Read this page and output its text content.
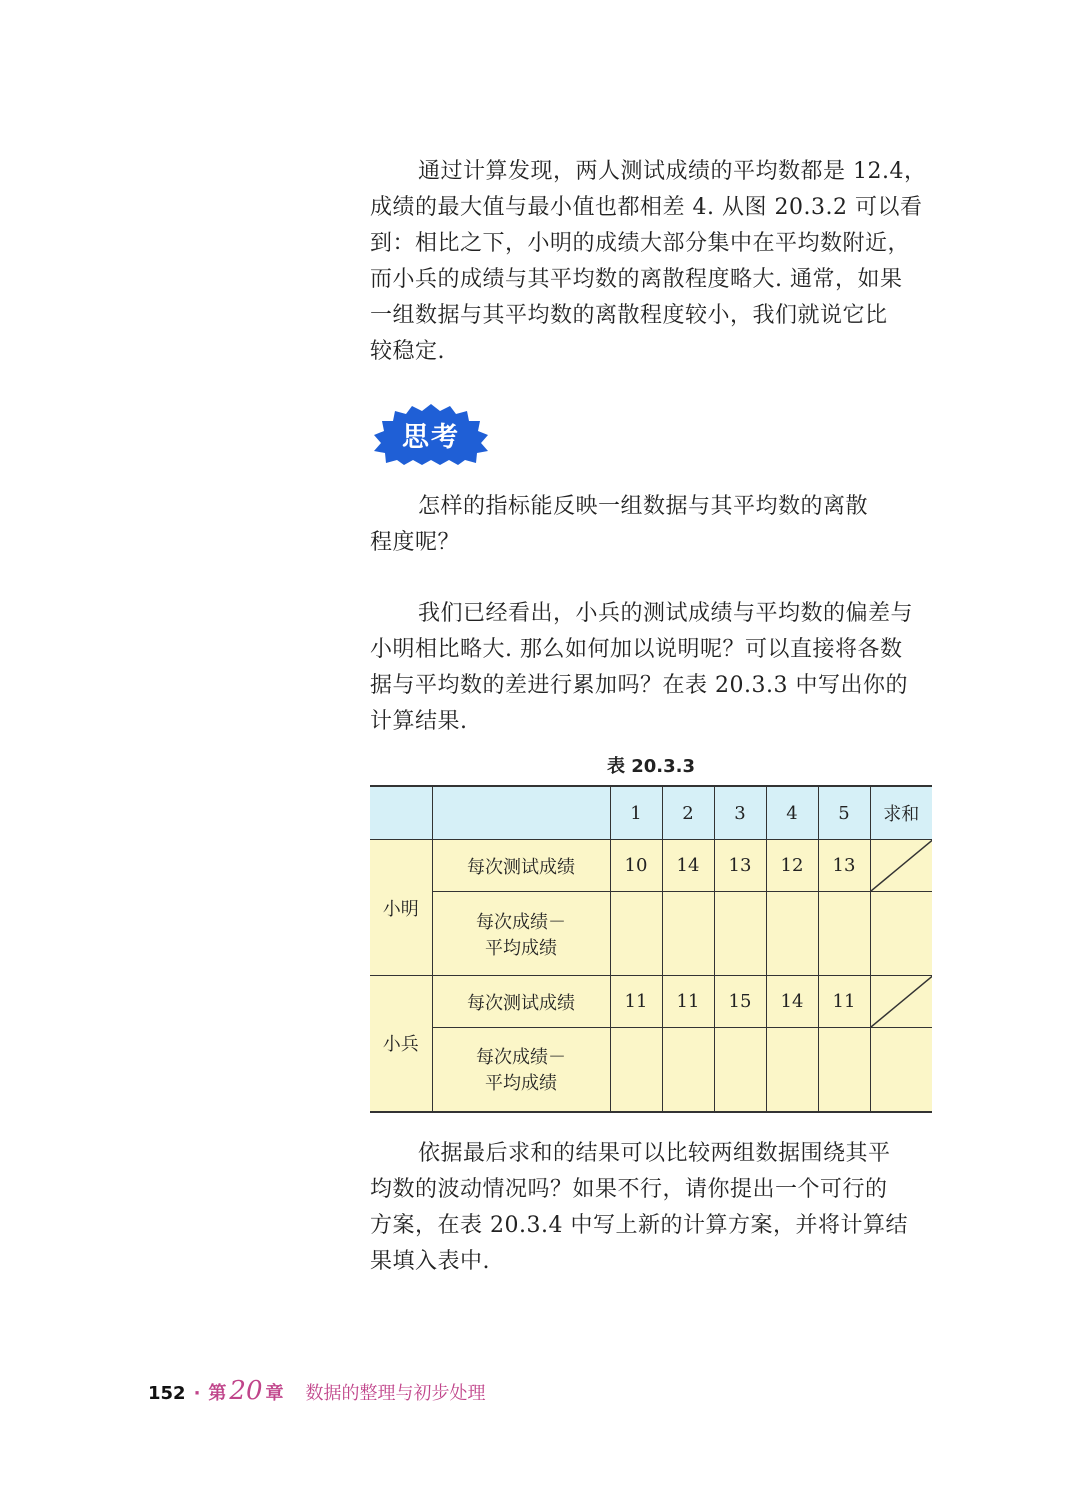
通过计算发现，两人测试成绩的平均数都是 12.4，
成绩的最大值与最小值也都相差 4. 从图 20.3.2 可以看
到：相比之下，小明的成绩大部分集中在平均数附近，
而小兵的成绩与其平均数的离散程度略大. 通常，如果
一组数据与其平均数的离散程度较小，我们就说它比
较稳定.

思考

怎样的指标能反映一组数据与其平均数的离散
程度呢？

我们已经看出，小兵的测试成绩与平均数的偏差与
小明相比略大. 那么如何加以说明呢？可以直接将各数
据与平均数的差进行累加吗？在表 20.3.3 中写出你的
计算结果.

表 20.3.3
		1	2	3	4	5	求和
小明	每次测试成绩	10	14	13	12	13	

	每次成绩－
平均成绩						

小兵	每次测试成绩	11	11	15	14	11	

	每次成绩－
平均成绩						

依据最后求和的结果可以比较两组数据围绕其平
均数的波动情况吗？如果不行，请你提出一个可行的
方案，在表 20.3.4 中写上新的计算方案，并将计算结
果填入表中.

152 · 第 20 章 数据的整理与初步处理
